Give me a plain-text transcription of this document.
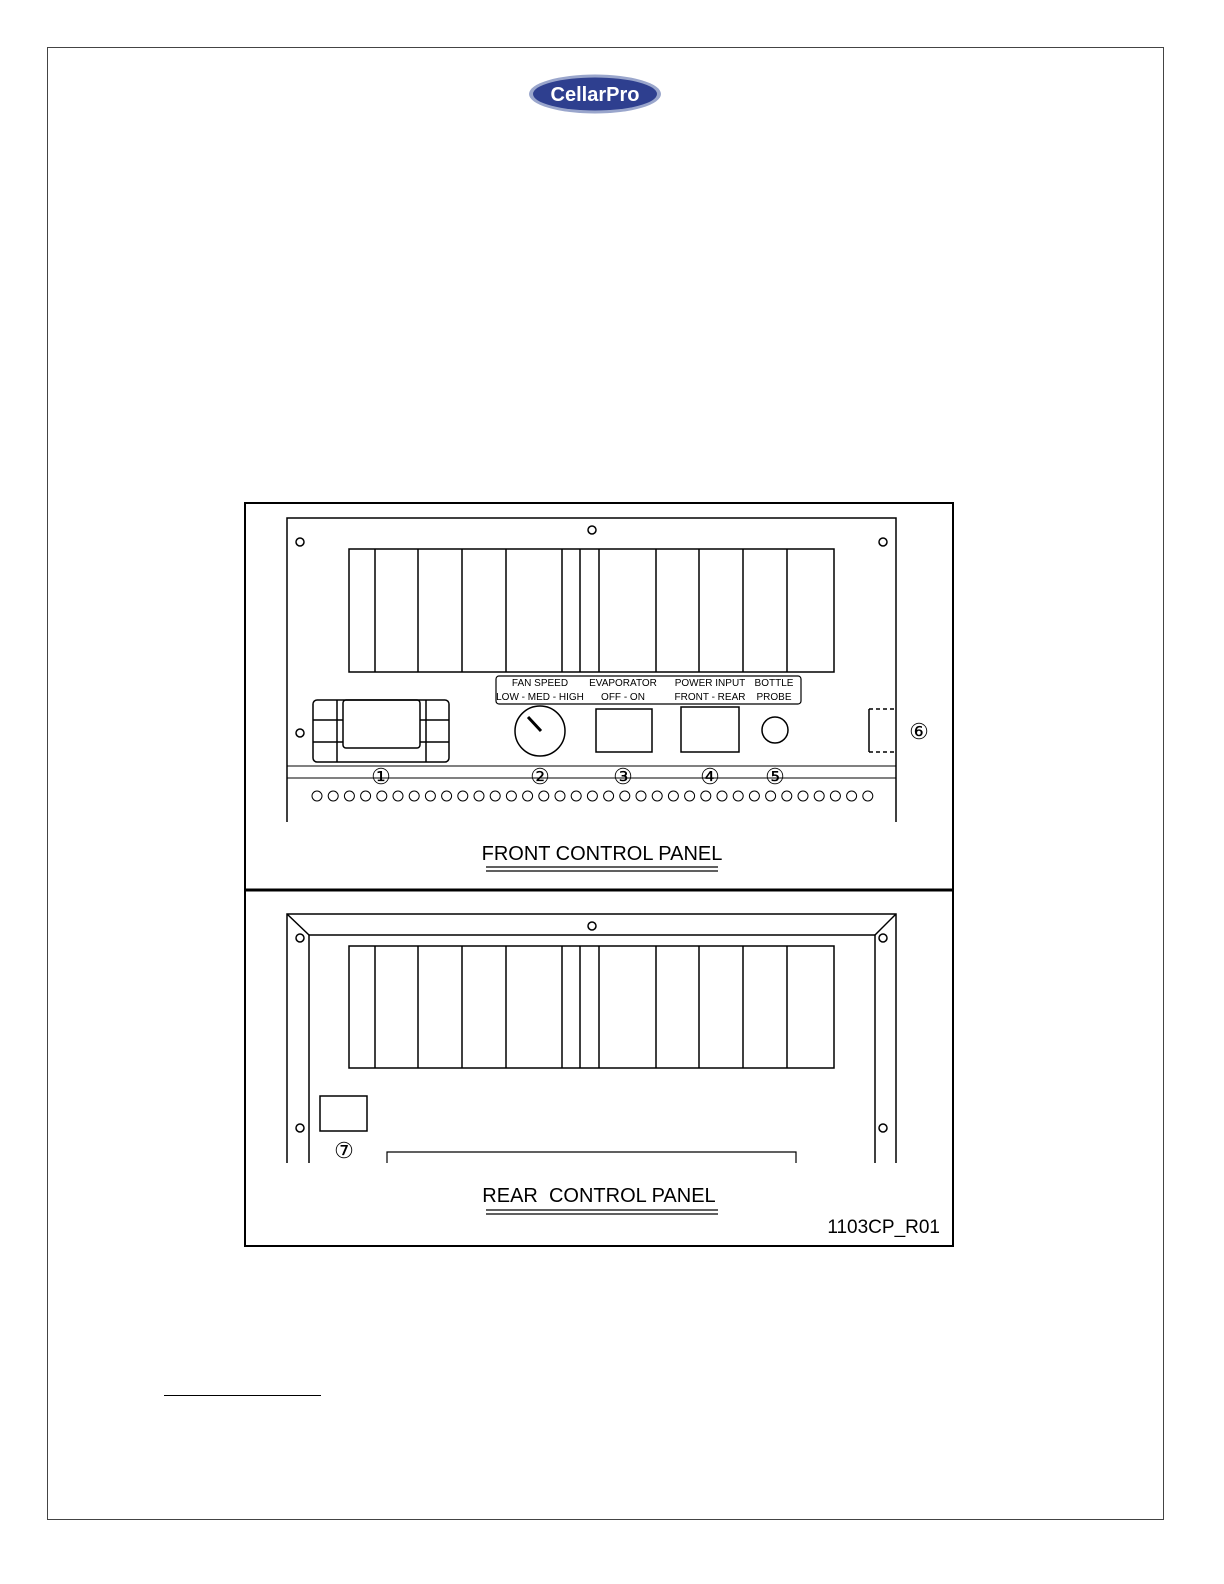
CellarPro
FAN SPEED
LOW - MED - HIGH
EVAPORATOR
OFF - ON
POWER INPUT
FRONT - REAR
BOTTLE
PROBE
①	②	③	④ ⑤
⑥
FRONT CONTROL PANEL
⑦
REAR  CONTROL PANEL
1103CP_R01
